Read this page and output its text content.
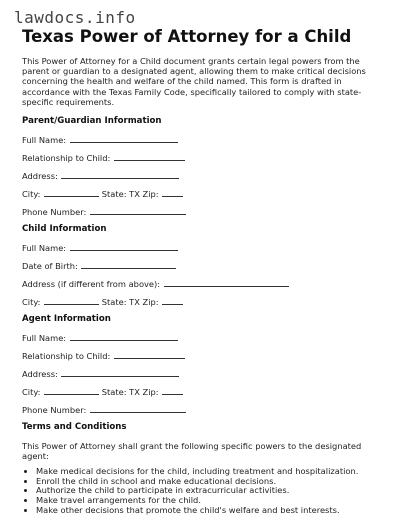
lawdocs.info
Texas Power of Attorney for a Child

This Power of Attorney for a Child document grants certain legal powers from the parent or guardian to a designated agent, allowing them to make critical decisions concerning the health and welfare of the child named. This form is drafted in accordance with the Texas Family Code, specifically tailored to comply with state-specific requirements.

Parent/Guardian Information
Full Name:
Relationship to Child:
Address:
City:	State: TX Zip:
Phone Number:
Child Information
Full Name:
Date of Birth:
Address (if different from above):
City:	State: TX Zip:
Agent Information
Full Name:
Relationship to Child:
Address:
City:	State: TX Zip:
Phone Number:
Terms and Conditions

This Power of Attorney shall grant the following specific powers to the designated agent:

• Make medical decisions for the child, including treatment and hospitalization.
• Enroll the child in school and make educational decisions.
• Authorize the child to participate in extracurricular activities.
• Make travel arrangements for the child.
• Make other decisions that promote the child's welfare and best interests.
